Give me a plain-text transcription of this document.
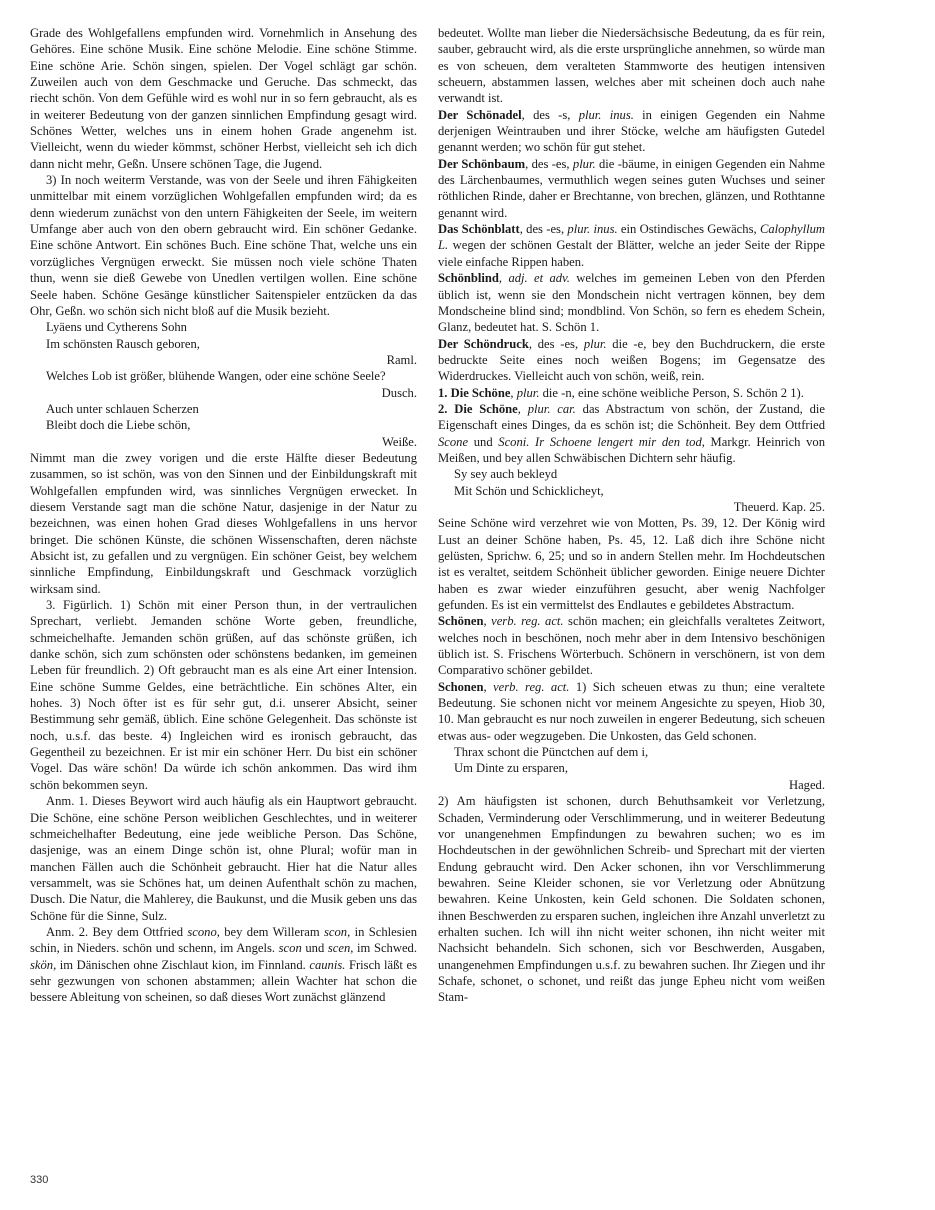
Grade des Wohlgefallens empfunden wird. Vornehmlich in Ansehung des Gehöres. Eine schöne Musik. Eine schöne Melodie. Eine schöne Stimme. Eine schöne Arie. Schön singen, spielen. Der Vogel schlägt gar schön. Zuweilen auch von dem Geschmacke und Geruche. Das schmeckt, das riecht schön. Von dem Gefühle wird es wohl nur in so fern gebraucht, als es in weiterer Bedeutung von der ganzen sinnlichen Empfindung gesagt wird. Schönes Wetter, welches uns in einem hohen Grade angenehm ist. Vielleicht, wenn du wieder kömmst, schöner Herbst, vielleicht seh ich dich dann nicht mehr, Geßn. Unsere schönen Tage, die Jugend.

3) In noch weiterm Verstande, was von der Seele und ihren Fähigkeiten unmittelbar mit einem vorzüglichen Wohlgefallen empfunden wird; da es denn wiederum zunächst von den untern Fähigkeiten der Seele, im weitern Umfange aber auch von den obern gebraucht wird. Ein schöner Gedanke. Eine schöne Antwort. Ein schönes Buch. Eine schöne That, welche uns ein vorzügliches Vergnügen erweckt. Sie müssen noch viele schöne Thaten thun, wenn sie dieß Gewebe von Unedlen vertilgen wollen. Eine schöne Seele haben. Schöne Gesänge künstlicher Saitenspieler entzücken da das Ohr, Geßn. wo schön sich nicht bloß auf die Musik bezieht.

Lyäens und Cytherens Sohn

Im schönsten Rausch geboren,

Raml.

Welches Lob ist größer, blühende Wangen, oder eine schöne Seele?

Dusch.

Auch unter schlauen Scherzen

Bleibt doch die Liebe schön,

Weiße.

Nimmt man die zwey vorigen und die erste Hälfte dieser Bedeutung zusammen, so ist schön, was von den Sinnen und der Einbildungskraft mit Wohlgefallen empfunden wird, was sinnliches Vergnügen erwecket. In diesem Verstande sagt man die schöne Natur, dasjenige in der Natur zu bezeichnen, was einen hohen Grad dieses Wohlgefallens in uns hervor bringet. Die schönen Künste, die schönen Wissenschaften, deren nächste Absicht ist, zu gefallen und zu vergnügen. Ein schöner Geist, bey welchem sinnliche Empfindung, Einbildungskraft und Geschmack vorzüglich wirksam sind.

3. Figürlich. 1) Schön mit einer Person thun, in der vertraulichen Sprechart, verliebt. Jemanden schöne Worte geben, freundliche, schmeichelhafte. Jemanden schön grüßen, auf das schönste grüßen, ich danke schön, sich zum schönsten oder schönstens bedanken, im gemeinen Leben für freundlich. 2) Oft gebraucht man es als eine Art einer Intension. Eine schöne Summe Geldes, eine beträchtliche. Ein schönes Alter, ein hohes. 3) Noch öfter ist es für sehr gut, d.i. unserer Absicht, seiner Bestimmung sehr gemäß, üblich. Eine schöne Gelegenheit. Das schönste ist noch, u.s.f. das beste. 4) Ingleichen wird es ironisch gebraucht, das Gegentheil zu bezeichnen. Er ist mir ein schöner Herr. Du bist ein schöner Vogel. Das wäre schön! Da würde ich schön ankommen. Das wird ihm schön bekommen seyn.

Anm. 1. Dieses Beywort wird auch häufig als ein Hauptwort gebraucht. Die Schöne, eine schöne Person weiblichen Geschlechtes, und in weiterer schmeichelhafter Bedeutung, eine jede weibliche Person. Das Schöne, dasjenige, was an einem Dinge schön ist, ohne Plural; wofür man in manchen Fällen auch die Schönheit gebraucht. Hier hat die Natur alles versammelt, was sie Schönes hat, um deinen Aufenthalt schön zu machen, Dusch. Die Natur, die Mahlerey, die Baukunst, und die Musik geben uns das Schöne für die Sinne, Sulz.

Anm. 2. Bey dem Ottfried scono, bey dem Willeram scon, in Schlesien schin, in Nieders. schön und schenn, im Angels. scon und scen, im Schwed. skön, im Dänischen ohne Zischlaut kion, im Finnland. caunis. Frisch läßt es sehr gezwungen von schonen abstammen; allein Wachter hat schon die bessere Ableitung von scheinen, so daß dieses Wort zunächst glänzend

bedeutet. Wollte man lieber die Niedersächsische Bedeutung, da es für rein, sauber, gebraucht wird, als die erste ursprüngliche annehmen, so würde man es von scheuen, dem veralteten Stammworte des heutigen intensiven scheuern, abstammen lassen, welches aber mit scheinen doch auch nahe verwandt ist.

Der Schönadel, des -s, plur. inus. in einigen Gegenden ein Nahme derjenigen Weintrauben und ihrer Stöcke, welche am häufigsten Gutedel genannt werden; wo schön für gut stehet.

Der Schönbaum, des -es, plur. die -bäume, in einigen Gegenden ein Nahme des Lärchenbaumes, vermuthlich wegen seines guten Wuchses und seiner röthlichen Rinde, daher er Brechtanne, von brechen, glänzen, und Rothtanne genannt wird.

Das Schönblatt, des -es, plur. inus. ein Ostindisches Gewächs, Calophyllum L. wegen der schönen Gestalt der Blätter, welche an jeder Seite der Rippe viele einfache Rippen haben.

Schönblind, adj. et adv. welches im gemeinen Leben von den Pferden üblich ist, wenn sie den Mondschein nicht vertragen können, bey dem Mondscheine blind sind; mondblind. Von Schön, so fern es ehedem Schein, Glanz, bedeutet hat. S. Schön 1.

Der Schöndruck, des -es, plur. die -e, bey den Buchdruckern, die erste bedruckte Seite eines noch weißen Bogens; im Gegensatze des Widerdruckes. Vielleicht auch von schön, weiß, rein.

1. Die Schöne, plur. die -n, eine schöne weibliche Person, S. Schön 2 1).

2. Die Schöne, plur. car. das Abstractum von schön, der Zustand, die Eigenschaft eines Dinges, da es schön ist; die Schönheit. Bey dem Ottfried Scone und Sconi. Ir Schoene lengert mir den tod, Markgr. Heinrich von Meißen, und bey allen Schwäbischen Dichtern sehr häufig.

Sy sey auch bekleyd

Mit Schön und Schicklicheyt,

Theuerd. Kap. 25.

Seine Schöne wird verzehret wie von Motten, Ps. 39, 12. Der König wird Lust an deiner Schöne haben, Ps. 45, 12. Laß dich ihre Schöne nicht gelüsten, Sprichw. 6, 25; und so in andern Stellen mehr. Im Hochdeutschen ist es veraltet, seitdem Schönheit üblicher geworden. Einige neuere Dichter haben es zwar wieder einzuführen gesucht, aber wenig Nachfolger gefunden. Es ist ein vermittelst des Endlautes e gebildetes Abstractum.

Schönen, verb. reg. act. schön machen; ein gleichfalls veraltetes Zeitwort, welches noch in beschönen, noch mehr aber in dem Intensivo beschönigen üblich ist. S. Frischens Wörterbuch. Schönern in verschönern, ist von dem Comparativo schöner gebildet.

Schonen, verb. reg. act. 1) Sich scheuen etwas zu thun; eine veraltete Bedeutung. Sie schonen nicht vor meinem Angesichte zu speyen, Hiob 30, 10. Man gebraucht es nur noch zuweilen in engerer Bedeutung, sich scheuen etwas aus- oder wegzugeben. Die Unkosten, das Geld schonen.

Thrax schont die Pünctchen auf dem i,

Um Dinte zu ersparen,

Haged.

2) Am häufigsten ist schonen, durch Behuthsamkeit vor Verletzung, Schaden, Verminderung oder Verschlimmerung, und in weiterer Bedeutung vor unangenehmen Empfindungen zu bewahren suchen; wo es im Hochdeutschen in der gewöhnlichen Schreib- und Sprechart mit der vierten Endung gebraucht wird. Den Acker schonen, ihn vor Verschlimmerung bewahren. Seine Kleider schonen, sie vor Verletzung oder Abnützung bewahren. Keine Unkosten, kein Geld schonen. Die Soldaten schonen, ihnen Beschwerden zu ersparen suchen, ingleichen ihre Anzahl unverletzt zu erhalten suchen. Ich will ihn nicht weiter schonen, ihn nicht weiter mit Nachsicht behandeln. Sich schonen, sich vor Beschwerden, Ausgaben, unangenehmen Empfindungen u.s.f. zu bewahren suchen. Ihr Ziegen und ihr Schafe, schonet, o schonet, und reißt das junge Epheu nicht vom weißen Stam-

330
